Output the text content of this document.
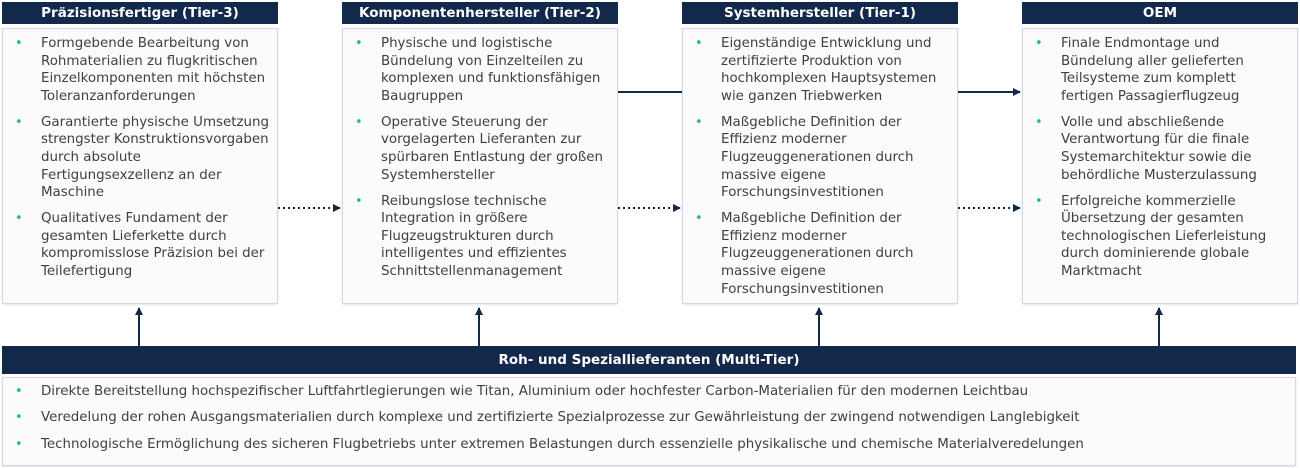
Präzisionsfertiger (Tier-3)
• Formgebende Bearbeitung von Rohmaterialien zu flugkritischen Einzelkomponenten mit höchsten Toleranzanforderungen
• Garantierte physische Umsetzung strengster Konstruktionsvorgaben durch absolute Fertigungsexzellenz an der Maschine
• Qualitatives Fundament der gesamten Lieferkette durch kompromisslose Präzision bei der Teilefertigung
Komponentenhersteller (Tier-2)
• Physische und logistische Bündelung von Einzelteilen zu komplexen und funktionsfähigen Baugruppen
• Operative Steuerung der vorgelagerten Lieferanten zur spürbaren Entlastung der großen Systemhersteller
• Reibungslose technische Integration in größere Flugzeugstrukturen durch intelligentes und effizientes Schnittstellenmanagement
Systemhersteller (Tier-1)
• Eigenständige Entwicklung und zertifizierte Produktion von hochkomplexen Hauptsystemen wie ganzen Triebwerken
• Maßgebliche Definition der Effizienz moderner Flugzeuggenerationen durch massive eigene Forschungsinvestitionen
• Maßgebliche Definition der Effizienz moderner Flugzeuggenerationen durch massive eigene Forschungsinvestitionen
OEM
• Finale Endmontage und Bündelung aller gelieferten Teilsysteme zum komplett fertigen Passagierflugzeug
• Volle und abschließende Verantwortung für die finale Systemarchitektur sowie die behördliche Musterzulassung
• Erfolgreiche kommerzielle Übersetzung der gesamten technologischen Lieferleistung durch dominierende globale Marktmacht
Roh- und Speziallieferanten (Multi-Tier)
• Direkte Bereitstellung hochspezifischer Luftfahrtlegierungen wie Titan, Aluminium oder hochfester Carbon-Materialien für den modernen Leichtbau
• Veredelung der rohen Ausgangsmaterialien durch komplexe und zertifizierte Spezialprozesse zur Gewährleistung der zwingend notwendigen Langlebigkeit
• Technologische Ermöglichung des sicheren Flugbetriebs unter extremen Belastungen durch essenzielle physikalische und chemische Materialveredelungen
